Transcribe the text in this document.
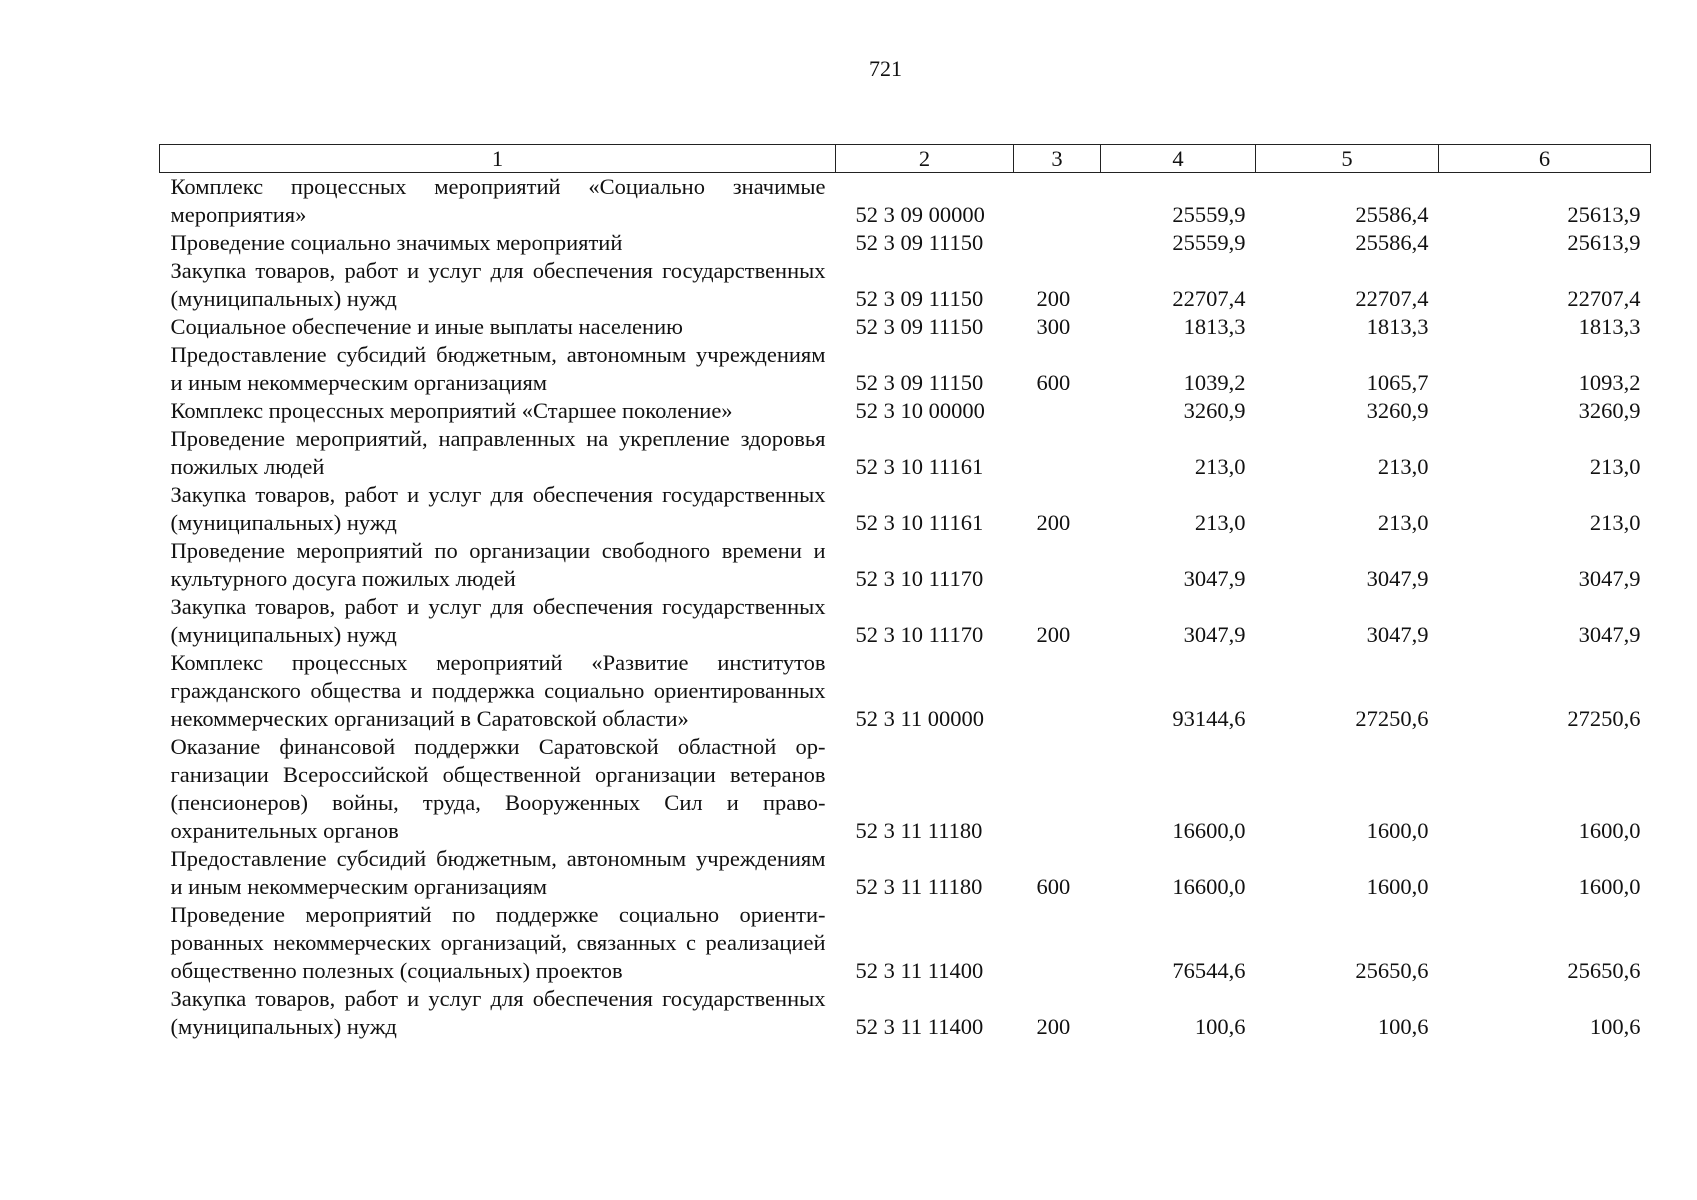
721
1	2	3	4	5	6
Комплекс процессных мероприятий «Социально значимые мероприятия»	52 3 09 00000		25559,9	25586,4	25613,9
Проведение социально значимых мероприятий	52 3 09 11150		25559,9	25586,4	25613,9
Закупка товаров, работ и услуг для обеспечения государственных (муниципальных) нужд	52 3 09 11150	200	22707,4	22707,4	22707,4
Социальное обеспечение и иные выплаты населению	52 3 09 11150	300	1813,3	1813,3	1813,3
Предоставление субсидий бюджетным, автономным учреждениям и иным некоммерческим организациям	52 3 09 11150	600	1039,2	1065,7	1093,2
Комплекс процессных мероприятий «Старшее поколение»	52 3 10 00000		3260,9	3260,9	3260,9
Проведение мероприятий, направленных на укрепление здоровья пожилых людей	52 3 10 11161		213,0	213,0	213,0
Закупка товаров, работ и услуг для обеспечения государственных (муниципальных) нужд	52 3 10 11161	200	213,0	213,0	213,0
Проведение мероприятий по организации свободного времени и культурного досуга пожилых людей	52 3 10 11170		3047,9	3047,9	3047,9
Закупка товаров, работ и услуг для обеспечения государственных (муниципальных) нужд	52 3 10 11170	200	3047,9	3047,9	3047,9
Комплекс процессных мероприятий «Развитие институтов гражданского общества и поддержка социально ориентированных некоммерческих организаций в Саратовской области»	52 3 11 00000		93144,6	27250,6	27250,6
Оказание финансовой поддержки Саратовской областной организации Всероссийской общественной организации ветеранов (пенсионеров) войны, труда, Вооруженных Сил и правоохранительных органов	52 3 11 11180		16600,0	1600,0	1600,0
Предоставление субсидий бюджетным, автономным учреждениям и иным некоммерческим организациям	52 3 11 11180	600	16600,0	1600,0	1600,0
Проведение мероприятий по поддержке социально ориентированных некоммерческих организаций, связанных с реализацией общественно полезных (социальных) проектов	52 3 11 11400		76544,6	25650,6	25650,6
Закупка товаров, работ и услуг для обеспечения государственных (муниципальных) нужд	52 3 11 11400	200	100,6	100,6	100,6
